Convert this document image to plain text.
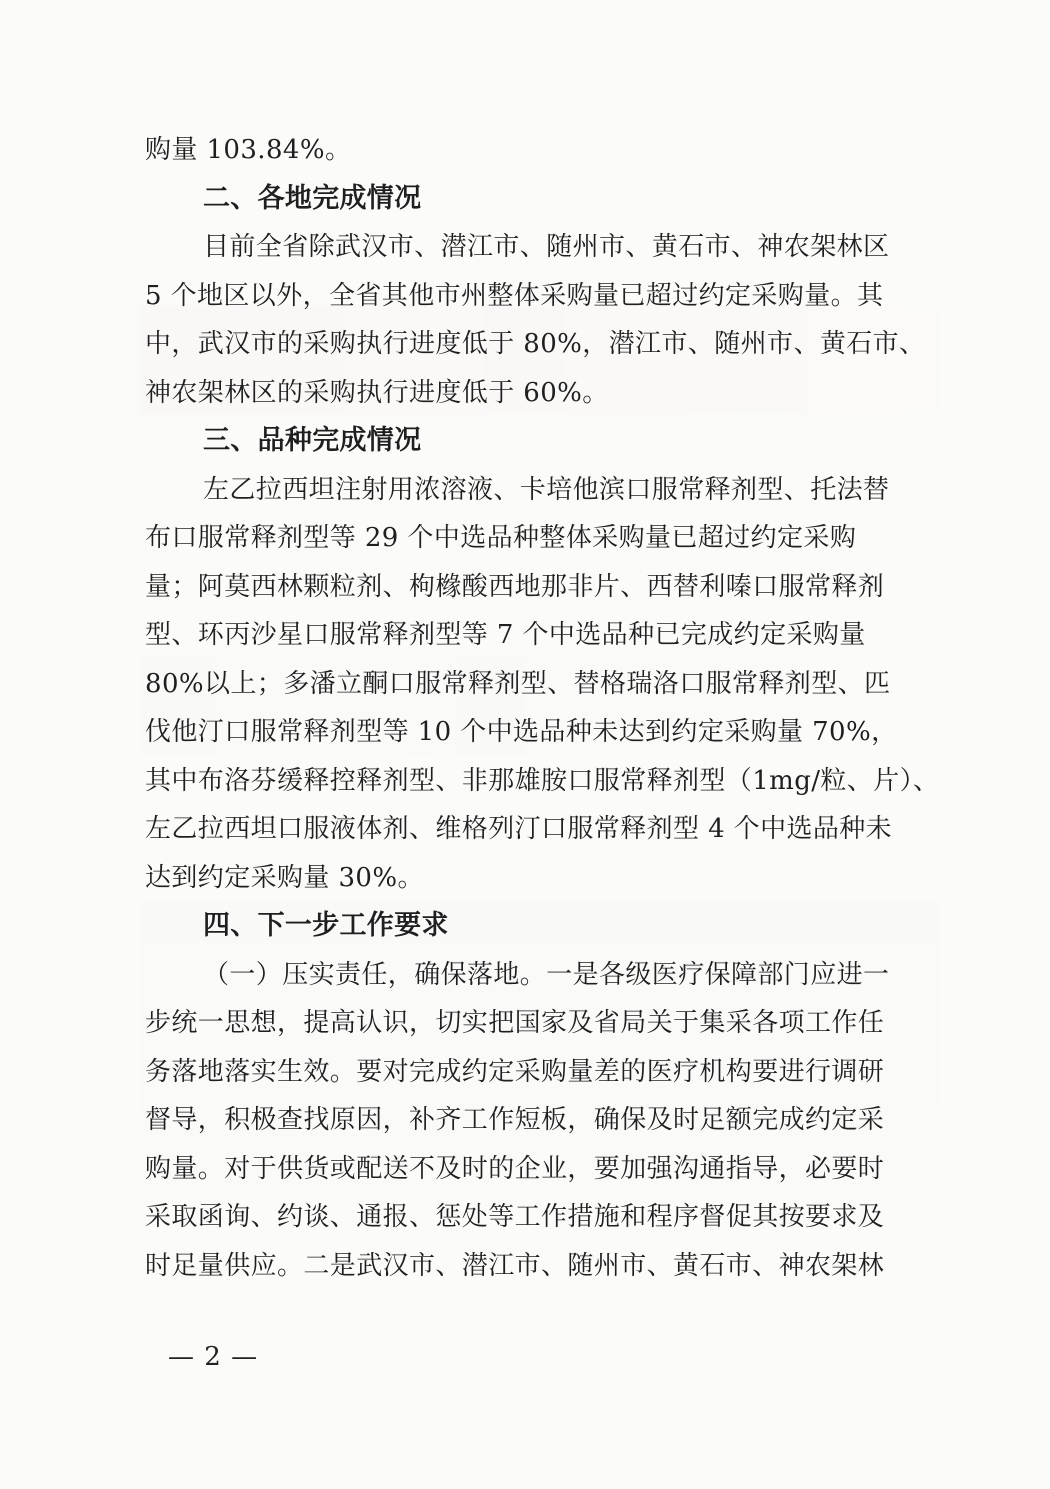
购量 103.84%。
二、各地完成情况
目前全省除武汉市、潜江市、随州市、黄石市、神农架林区
5 个地区以外，全省其他市州整体采购量已超过约定采购量。其
中，武汉市的采购执行进度低于 80%，潜江市、随州市、黄石市、
神农架林区的采购执行进度低于 60%。
三、品种完成情况
左乙拉西坦注射用浓溶液、卡培他滨口服常释剂型、托法替
布口服常释剂型等 29 个中选品种整体采购量已超过约定采购
量；阿莫西林颗粒剂、枸橼酸西地那非片、西替利嗪口服常释剂
型、环丙沙星口服常释剂型等 7 个中选品种已完成约定采购量
80%以上；多潘立酮口服常释剂型、替格瑞洛口服常释剂型、匹
伐他汀口服常释剂型等 10 个中选品种未达到约定采购量 70%，
其中布洛芬缓释控释剂型、非那雄胺口服常释剂型（1mg/粒、片）、
左乙拉西坦口服液体剂、维格列汀口服常释剂型 4 个中选品种未
达到约定采购量 30%。
四、下一步工作要求
（一）压实责任，确保落地。一是各级医疗保障部门应进一
步统一思想，提高认识，切实把国家及省局关于集采各项工作任
务落地落实生效。要对完成约定采购量差的医疗机构要进行调研
督导，积极查找原因，补齐工作短板，确保及时足额完成约定采
购量。对于供货或配送不及时的企业，要加强沟通指导，必要时
采取函询、约谈、通报、惩处等工作措施和程序督促其按要求及
时足量供应。二是武汉市、潜江市、随州市、黄石市、神农架林
— 2 —
